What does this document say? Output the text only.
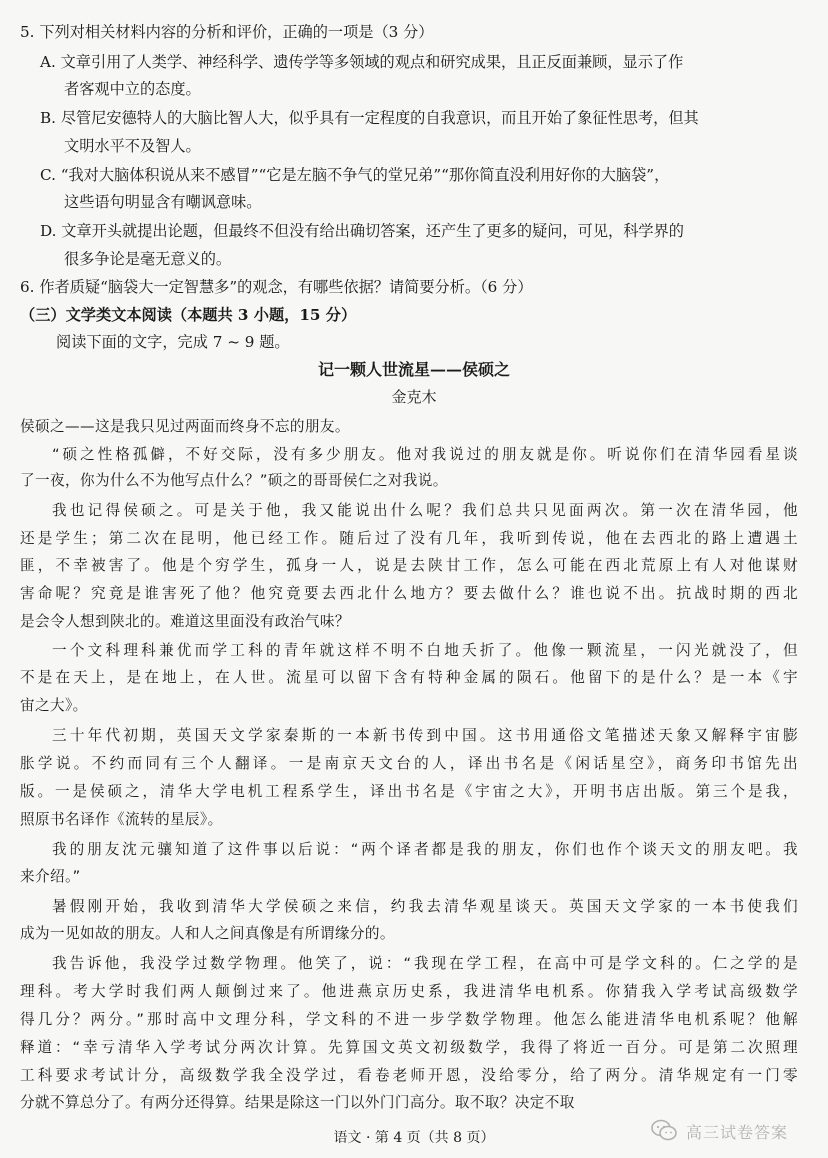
5. 下列对相关材料内容的分析和评价，正确的一项是（3 分）
A. 文章引用了人类学、神经科学、遗传学等多领域的观点和研究成果，且正反面兼顾，显示了作
者客观中立的态度。
B. 尽管尼安德特人的大脑比智人大，似乎具有一定程度的自我意识，而且开始了象征性思考，但其
文明水平不及智人。
C. “我对大脑体积说从来不感冒”“它是左脑不争气的堂兄弟”“那你简直没利用好你的大脑袋”，
这些语句明显含有嘲讽意味。
D. 文章开头就提出论题，但最终不但没有给出确切答案，还产生了更多的疑问，可见，科学界的
很多争论是毫无意义的。
6. 作者质疑“脑袋大一定智慧多”的观念，有哪些依据？请简要分析。（6 分）
（三）文学类文本阅读（本题共 3 小题，15 分）
阅读下面的文字，完成 7 ~ 9 题。
记一颗人世流星——侯硕之
金克木
侯硕之——这是我只见过两面而终身不忘的朋友。
“硕之性格孤僻，不好交际，没有多少朋友。他对我说过的朋友就是你。听说你们在清华园看星谈
了一夜，你为什么不为他写点什么？”硕之的哥哥侯仁之对我说。
我也记得侯硕之。可是关于他，我又能说出什么呢？我们总共只见面两次。第一次在清华园，他
还是学生；第二次在昆明，他已经工作。随后过了没有几年，我听到传说，他在去西北的路上遭遇土
匪，不幸被害了。他是个穷学生，孤身一人，说是去陕甘工作，怎么可能在西北荒原上有人对他谋财
害命呢？究竟是谁害死了他？他究竟要去西北什么地方？要去做什么？谁也说不出。抗战时期的西北
是会令人想到陕北的。难道这里面没有政治气味？
一个文科理科兼优而学工科的青年就这样不明不白地夭折了。他像一颗流星，一闪光就没了，但
不是在天上，是在地上，在人世。流星可以留下含有特种金属的陨石。他留下的是什么？是一本《宇
宙之大》。
三十年代初期，英国天文学家秦斯的一本新书传到中国。这书用通俗文笔描述天象又解释宇宙膨
胀学说。不约而同有三个人翻译。一是南京天文台的人，译出书名是《闲话星空》，商务印书馆先出
版。一是侯硕之，清华大学电机工程系学生，译出书名是《宇宙之大》，开明书店出版。第三个是我，
照原书名译作《流转的星辰》。
我的朋友沈元骧知道了这件事以后说：“两个译者都是我的朋友，你们也作个谈天文的朋友吧。我
来介绍。”
暑假刚开始，我收到清华大学侯硕之来信，约我去清华观星谈天。英国天文学家的一本书使我们
成为一见如故的朋友。人和人之间真像是有所谓缘分的。
我告诉他，我没学过数学物理。他笑了，说：“我现在学工程，在高中可是学文科的。仁之学的是
理科。考大学时我们两人颠倒过来了。他进燕京历史系，我进清华电机系。你猜我入学考试高级数学
得几分？两分。”那时高中文理分科，学文科的不进一步学数学物理。他怎么能进清华电机系呢？他解
释道：“幸亏清华入学考试分两次计算。先算国文英文初级数学，我得了将近一百分。可是第二次照理
工科要求考试计分，高级数学我全没学过，看卷老师开恩，没给零分，给了两分。清华规定有一门零
分就不算总分了。有两分还得算。结果是除这一门以外门门高分。取不取？决定不取
语文 · 第 4 页（共 8 页）	高三试卷答案
